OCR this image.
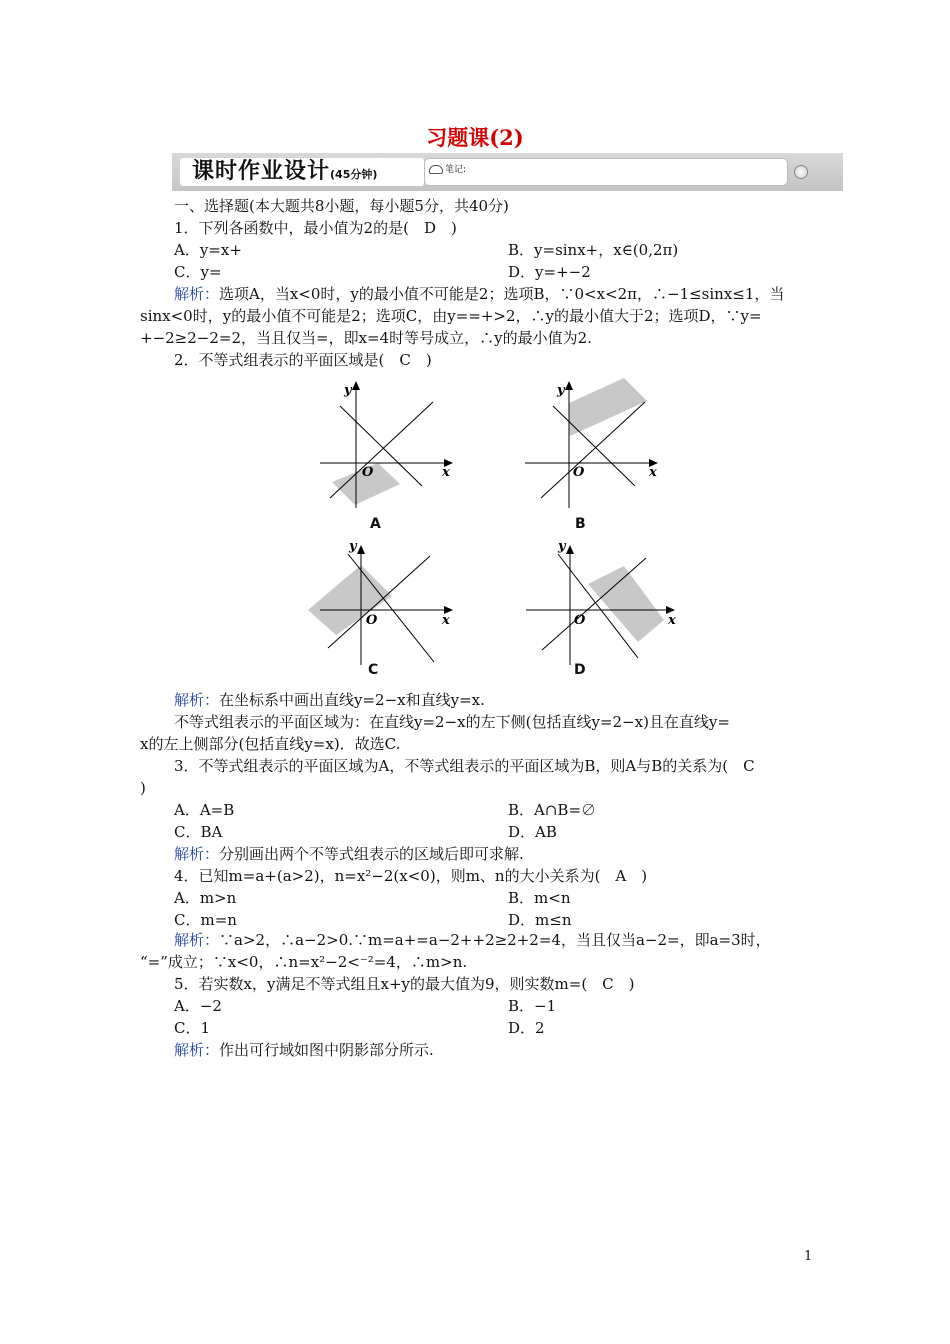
习题课(2)
课时作业设计(45分钟)	笔记:
一、选择题(本大题共8小题，每小题5分，共40分)
1．下列各函数中，最小值为2的是(　D　)
A．y=x+	B．y=sinx+，x∈(0,2π)
C．y=	D．y=+−2
解析：选项A，当x<0时，y的最小值不可能是2；选项B，∵0<x<2π，∴−1≤sinx≤1，当
sinx<0时，y的最小值不可能是2；选项C，由y==+>2，∴y的最小值大于2；选项D，∵y=
+−2≥2−2=2，当且仅当=，即x=4时等号成立，∴y的最小值为2.
2．不等式组表示的平面区域是(　C　)
y
x
O
A
y
x
O
B
y
x
O
C
y
x
O
D
解析：在坐标系中画出直线y=2−x和直线y=x.
不等式组表示的平面区域为：在直线y=2−x的左下侧(包括直线y=2−x)且在直线y=
x的左上侧部分(包括直线y=x)．故选C.
3．不等式组表示的平面区域为A，不等式组表示的平面区域为B，则A与B的关系为(　C
)
A．A=B	B．A∩B=∅
C．BA	D．AB
解析：分别画出两个不等式组表示的区域后即可求解.
4．已知m=a+(a>2)，n=x²−2(x<0)，则m、n的大小关系为(　A　)
A．m>n	B．m<n
C．m=n	D．m≤n
解析：∵a>2，∴a−2>0.∵m=a+=a−2++2≥2+2=4，当且仅当a−2=，即a=3时，
“=”成立；∵x<0，∴n=x²−2<⁻²=4，∴m>n.
5．若实数x，y满足不等式组且x+y的最大值为9，则实数m=(　C　)
A．−2	B．−1
C．1	D．2
解析：作出可行域如图中阴影部分所示.
1
